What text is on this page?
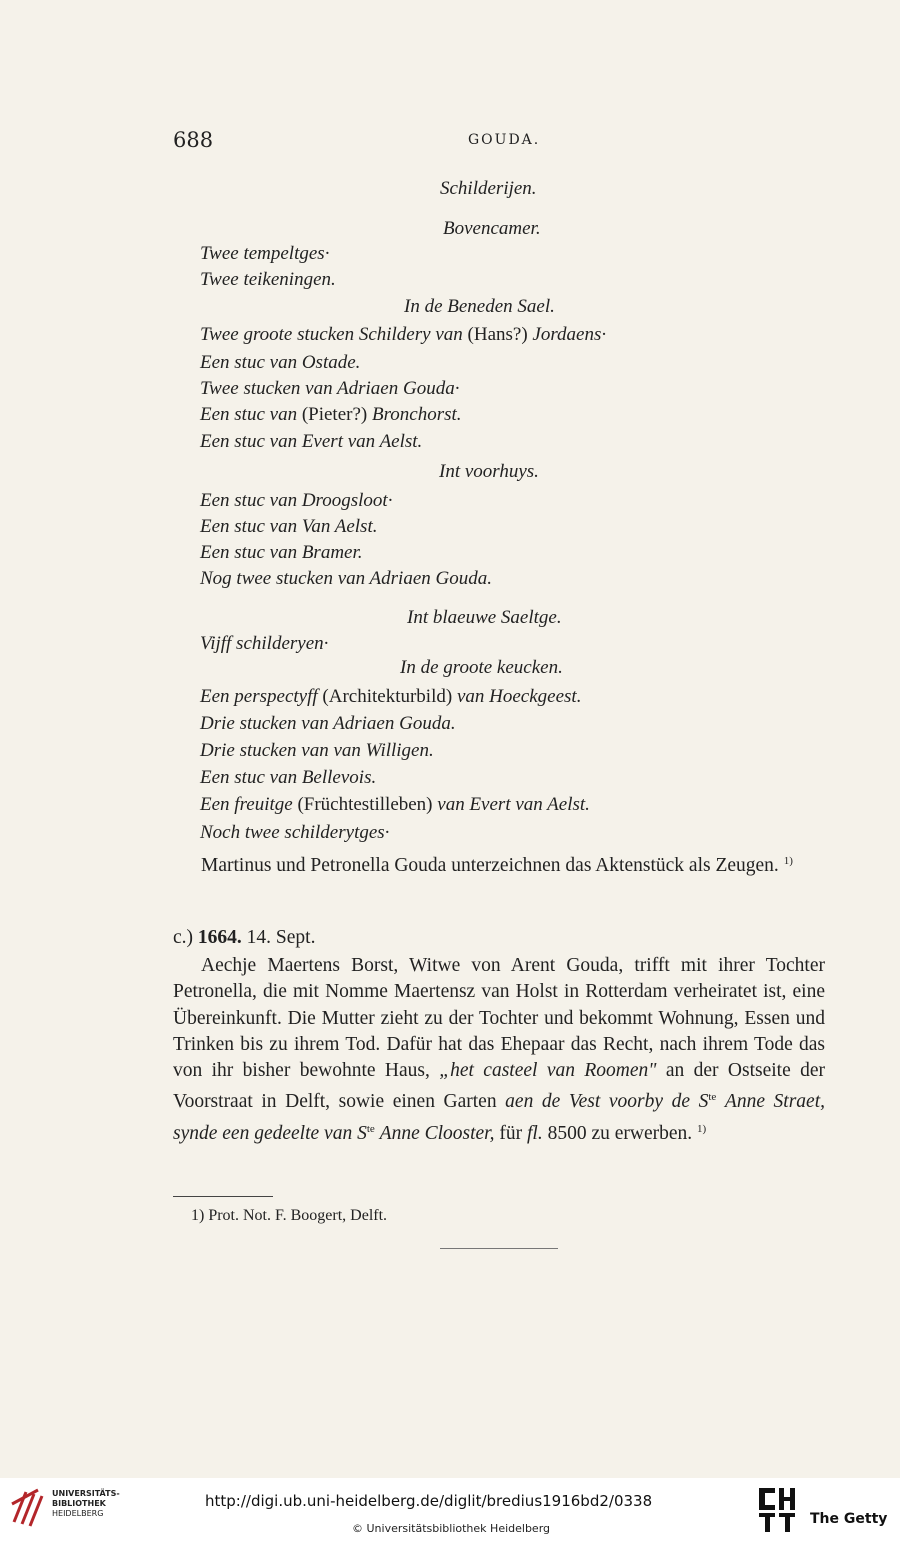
688	GOUDA.
Schilderijen.
Bovencamer.
Twee tempeltges·
Twee teikeningen.
In de Beneden Sael.
Twee groote stucken Schildery van (Hans?) Jordaens·
Een stuc van Ostade.
Twee stucken van Adriaen Gouda·
Een stuc van (Pieter?) Bronchorst.
Een stuc van Evert van Aelst.
Int voorhuys.
Een stuc van Droogsloot·
Een stuc van Van Aelst.
Een stuc van Bramer.
Nog twee stucken van Adriaen Gouda.
Int blaeuwe Saeltge.
Vijff schilderyen·
In de groote keucken.
Een perspectyff (Architekturbild) van Hoeckgeest.
Drie stucken van Adriaen Gouda.
Drie stucken van van Willigen.
Een stuc van Bellevois.
Een freuitge (Früchtestilleben) van Evert van Aelst.
Noch twee schilderytges·

Martinus und Petronella Gouda unterzeichnen das Aktenstück als Zeugen. $^{1)}$

c.) 1664. 14. Sept.

Aechje Maertens Borst, Witwe von Arent Gouda, trifft mit ihrer Tochter Petronella, die mit Nomme Maertensz van Holst in Rotterdam verheiratet ist, eine Übereinkunft. Die Mutter zieht zu der Tochter und bekommt Wohnung, Essen und Trinken bis zu ihrem Tod. Dafür hat das Ehepaar das Recht, nach ihrem Tode das von ihr bisher bewohnte Haus, „het casteel van Roomen" an der Ostseite der Voorstraat in Delft, sowie einen Garten aen de Vest voorby de $S^{te}$ Anne Straet, synde een gedeelte van $S^{te}$ Anne Clooster, für fl. 8500 zu erwerben. $^{1)}$

1) Prot. Not. F. Boogert, Delft.
UNIVERSITÄTS-
BIBLIOTHEK
HEIDELBERG
http://digi.ub.uni-heidelberg.de/diglit/bredius1916bd2/0338
© Universitätsbibliothek Heidelberg
The Getty
